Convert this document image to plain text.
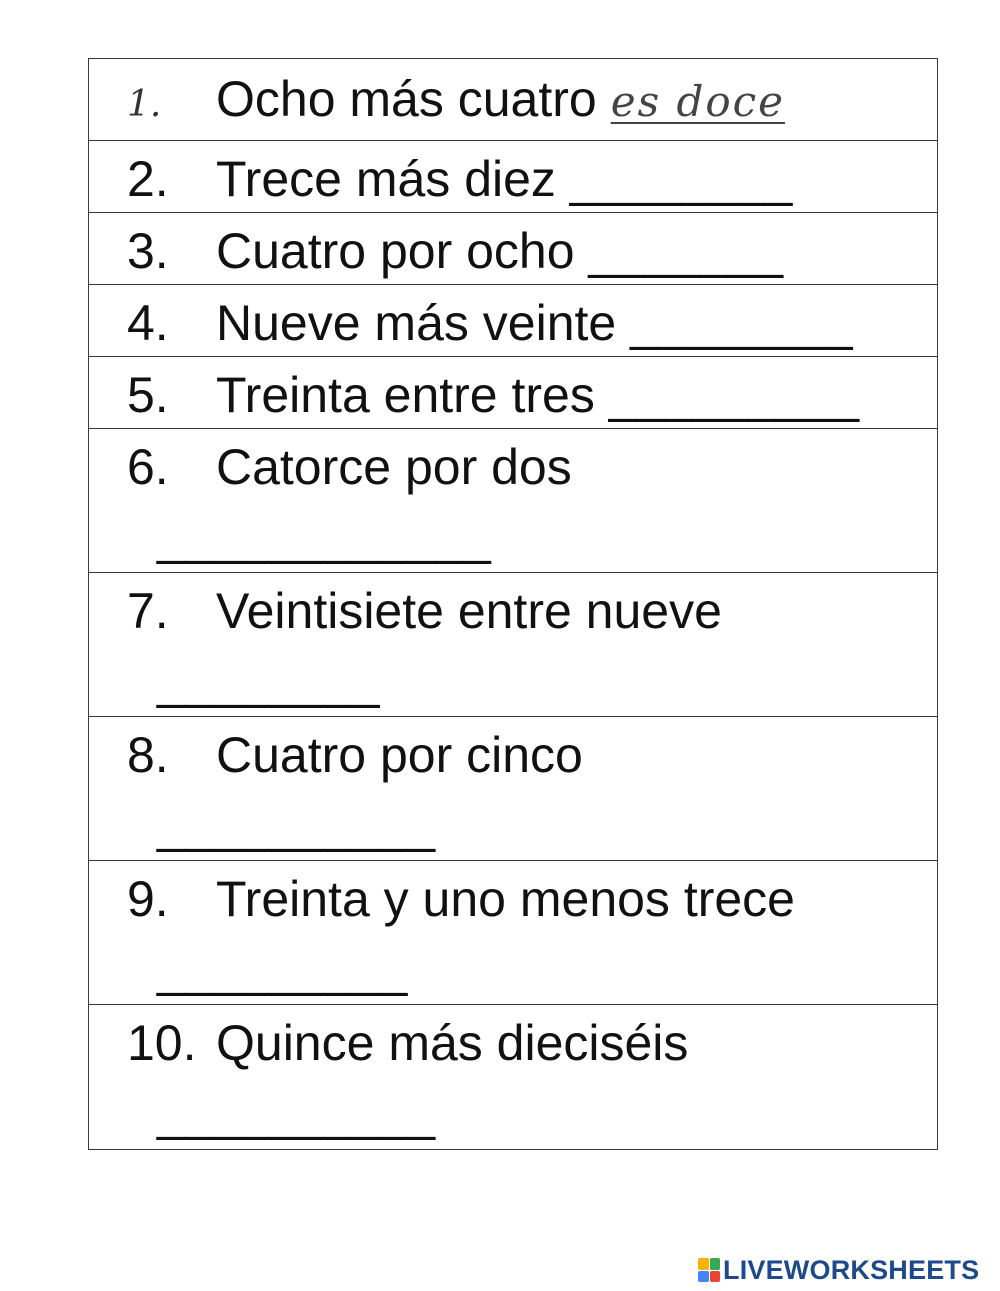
1. Ocho más cuatro es doce
2. Trece más diez ________
3. Cuatro por ocho _______
4. Nueve más veinte ________
5. Treinta entre tres _________
6. Catorce por dos
____________
7. Veintisiete entre nueve
________
8. Cuatro por cinco
__________
9. Treinta y uno menos trece
_________
10. Quince más dieciséis
__________
LIVEWORKSHEETS
